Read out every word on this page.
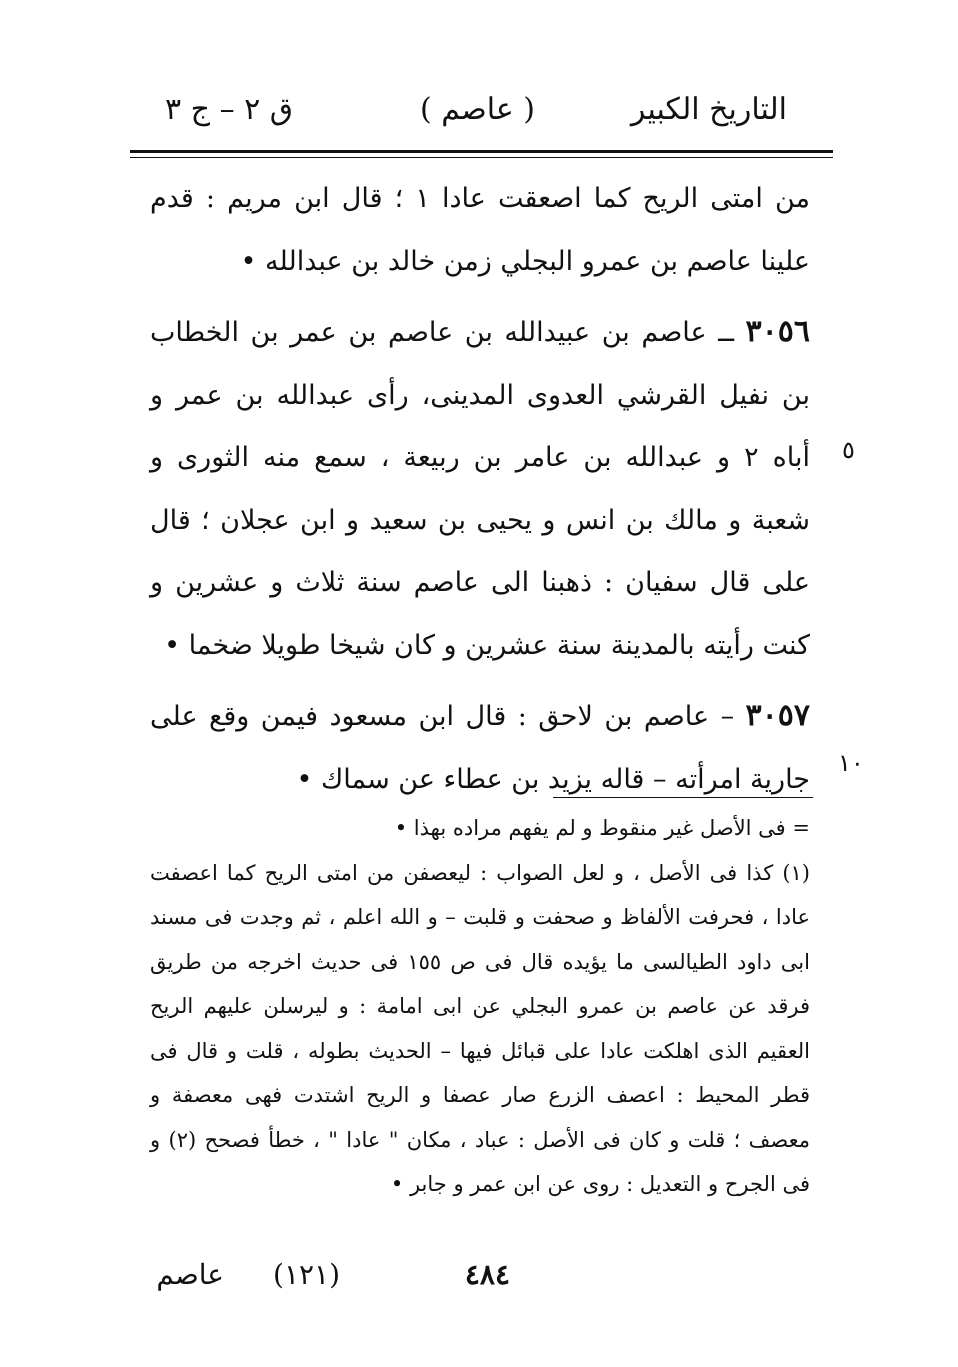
التاريخ الكبير
( عاصم )
ق ٢ – ج ٣

من امتى الريح كما اصعقت عادا ١ ؛ قال ابن مريم : قدم علينا عاصم بن عمرو البجلي زمن خالد بن عبدالله •

٣٠٥٦ ــ عاصم بن عبيدالله بن عاصم بن عمر بن الخطاب بن نفيل القرشي العدوى المدينى، رأى عبدالله بن عمر و أباه ٢ و عبدالله بن عامر بن ربيعة ، سمع منه الثورى و شعبة و مالك بن انس و يحيى بن سعيد و ابن عجلان ؛ قال على قال سفيان : ذهبنا الى عاصم سنة ثلاث و عشرين و كنت رأيته بالمدينة سنة عشرين و كان شيخا طويلا ضخما •

٣٠٥٧ – عاصم بن لاحق : قال ابن مسعود فيمن وقع على جارية امرأته – قاله يزيد بن عطاء عن سماك •

٥
١٠

= فى الأصل غير منقوط و لم يفهم مراده بهذا •

(١) كذا فى الأصل ، و لعل الصواب : ليعصفن من امتى الريح كما اعصفت عادا ، فحرفت الألفاظ و صحفت و قلبت – و الله اعلم ، ثم وجدت فى مسند ابى داود الطيالسى ما يؤيده قال فى ص ١٥٥ فى حديث اخرجه من طريق فرقد عن عاصم بن عمرو البجلي عن ابى امامة : و ليرسلن عليهم الريح العقيم الذى اهلكت عادا على قبائل فيها – الحديث بطوله ، قلت و قال فى قطر المحيط : اعصف الزرع صار عصفا و الريح اشتدت فهى معصفة و معصف ؛ قلت و كان فى الأصل : عباد ، مكان " عادا " ، خطأ فصحح (٢) و فى الجرح و التعديل : روى عن ابن عمر و جابر •

٤٨٤
(١٢١)
عاصم
